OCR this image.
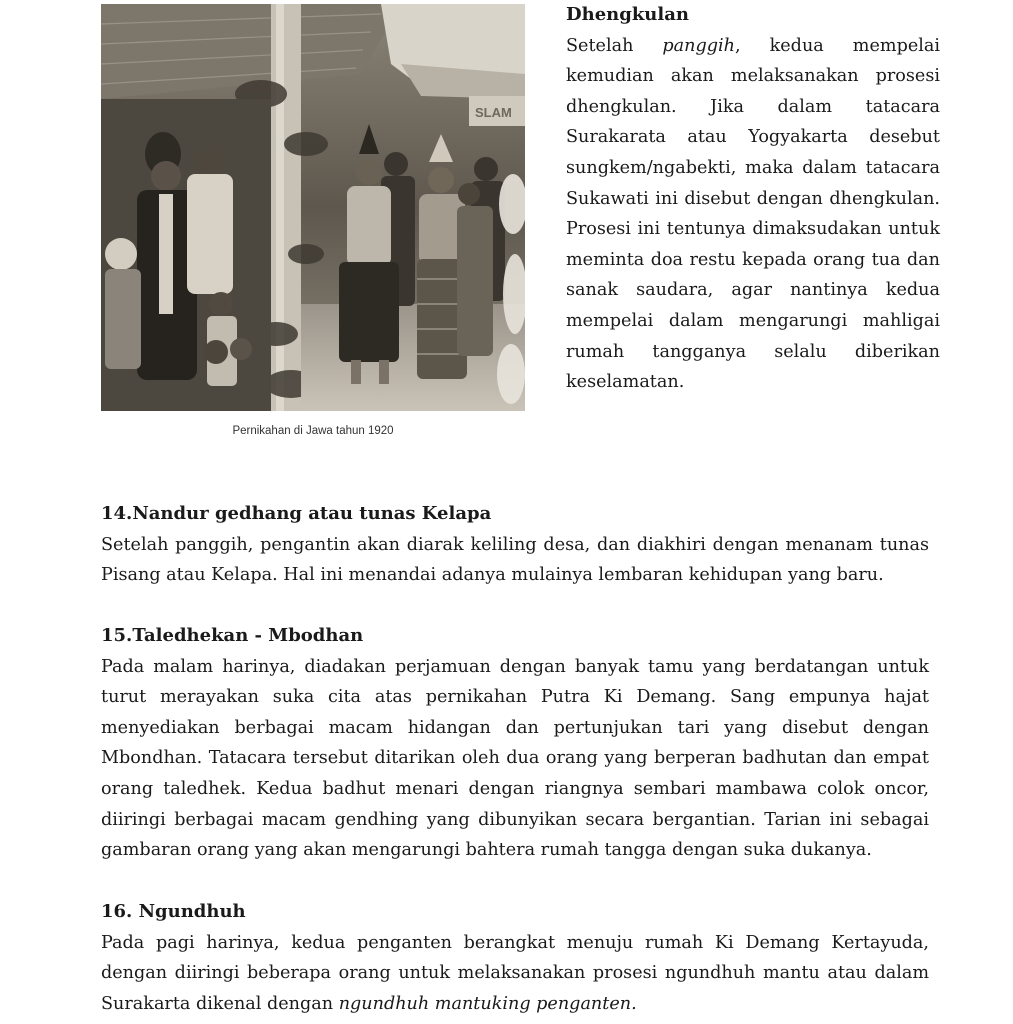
SLAM
Pernikahan di Jawa tahun 1920
Dhengkulan

Setelah panggih, kedua mempelai kemudian akan melaksanakan prosesi dhengkulan. Jika dalam tatacara Surakarata atau Yogyakarta desebut sungkem/ngabekti, maka dalam tatacara Sukawati ini disebut dengan dhengkulan. Prosesi ini tentunya dimaksudakan untuk meminta doa restu kepada orang tua dan sanak saudara, agar nantinya kedua mempelai dalam mengarungi mahligai rumah tangganya selalu diberikan keselamatan.

14.Nandur gedhang atau tunas Kelapa

Setelah panggih, pengantin akan diarak keliling desa, dan diakhiri dengan menanam tunas Pisang atau Kelapa. Hal ini menandai adanya mulainya lembaran kehidupan yang baru.

15.Taledhekan - Mbodhan

Pada malam harinya, diadakan perjamuan dengan banyak tamu yang berdatangan untuk turut merayakan suka cita atas pernikahan Putra Ki Demang. Sang empunya hajat menyediakan berbagai macam hidangan dan pertunjukan tari yang disebut dengan Mbondhan. Tatacara tersebut ditarikan oleh dua orang yang berperan badhutan dan empat orang taledhek. Kedua badhut menari dengan riangnya sembari mambawa colok oncor, diiringi berbagai macam gendhing yang dibunyikan secara bergantian. Tarian ini sebagai gambaran orang yang akan mengarungi bahtera rumah tangga dengan suka dukanya.

16. Ngundhuh

Pada pagi harinya, kedua penganten berangkat menuju rumah Ki Demang Kertayuda, dengan diiringi beberapa orang untuk melaksanakan prosesi ngundhuh mantu atau dalam Surakarta dikenal dengan ngundhuh mantuking penganten.
